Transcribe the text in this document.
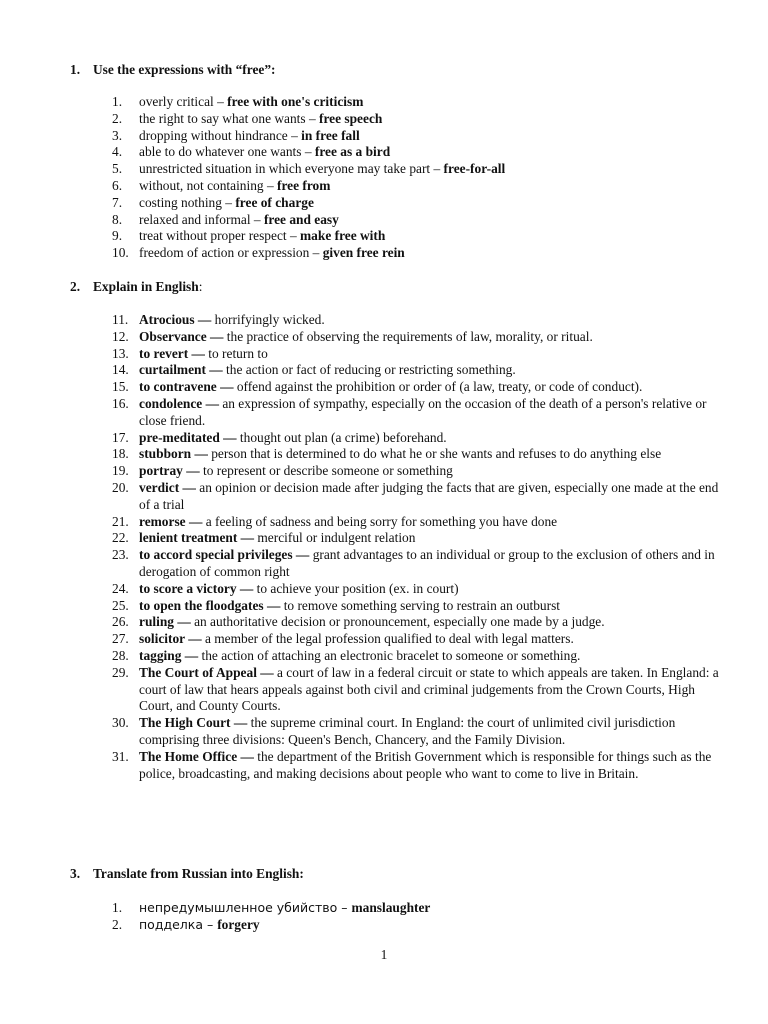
1. Use the expressions with “free”:
1.	overly critical – free with one's criticism
2.	the right to say what one wants – free speech
3.	dropping without hindrance – in free fall
4.	able to do whatever one wants – free as a bird
5.	unrestricted situation in which everyone may take part – free-for-all
6.	without, not containing – free from
7.	costing nothing – free of charge
8.	relaxed and informal – free and easy
9.	treat without proper respect – make free with
10. freedom of action or expression – given free rein
2. Explain in English:
11. Atrocious — horrifyingly wicked.
12. Observance — the practice of observing the requirements of law, morality, or ritual.
13. to revert — to return to
14. curtailment — the action or fact of reducing or restricting something.
15. to contravene — offend against the prohibition or order of (a law, treaty, or code of conduct).
16. condolence — an expression of sympathy, especially on the occasion of the death of a person's relative or close friend.
17. pre-meditated — thought out plan (a crime) beforehand.
18. stubborn — person that is determined to do what he or she wants and refuses to do anything else
19. portray — to represent or describe someone or something
20. verdict — an opinion or decision made after judging the facts that are given, especially one made at the end of a trial
21. remorse — a feeling of sadness and being sorry for something you have done
22. lenient treatment — merciful or indulgent relation
23. to accord special privileges — grant advantages to an individual or group to the exclusion of others and in derogation of common right
24. to score a victory — to achieve your position (ex. in court)
25. to open the floodgates — to remove something serving to restrain an outburst
26. ruling — an authoritative decision or pronouncement, especially one made by a judge.
27. solicitor — a member of the legal profession qualified to deal with legal matters.
28. tagging — the action of attaching an electronic bracelet to someone or something.
29. The Court of Appeal — a court of law in a federal circuit or state to which appeals are taken. In England: a court of law that hears appeals against both civil and criminal judgements from the Crown Courts, High Court, and County Courts.
30. The High Court — the supreme criminal court. In England: the court of unlimited civil jurisdiction comprising three divisions: Queen's Bench, Chancery, and the Family Division.
31. The Home Office — the department of the British Government which is responsible for things such as the police, broadcasting, and making decisions about people who want to come to live in Britain.
3. Translate from Russian into English:
1.	непредумышленное убийство – manslaughter
2.	подделка – forgery
1
